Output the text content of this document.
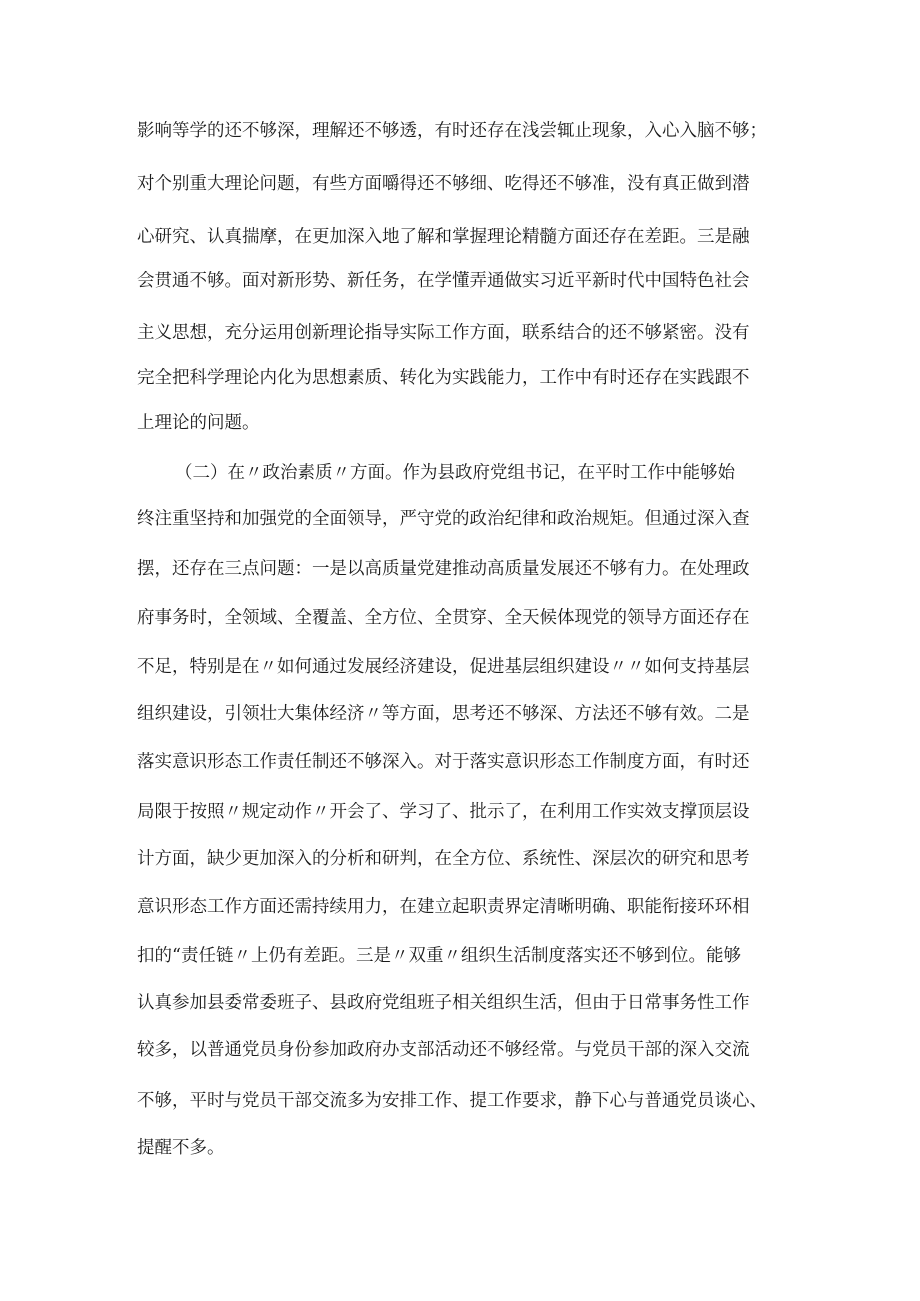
影响等学的还不够深，理解还不够透，有时还存在浅尝辄止现象，入心入脑不够；
对个别重大理论问题，有些方面嚼得还不够细、吃得还不够准，没有真正做到潜
心研究、认真揣摩，在更加深入地了解和掌握理论精髓方面还存在差距。三是融
会贯通不够。面对新形势、新任务，在学懂弄通做实习近平新时代中国特色社会
主义思想，充分运用创新理论指导实际工作方面，联系结合的还不够紧密。没有
完全把科学理论内化为思想素质、转化为实践能力，工作中有时还存在实践跟不
上理论的问题。
（二）在〃政治素质〃方面。作为县政府党组书记，在平时工作中能够始
终注重坚持和加强党的全面领导，严守党的政治纪律和政治规矩。但通过深入查
摆，还存在三点问题：一是以高质量党建推动高质量发展还不够有力。在处理政
府事务时，全领域、全覆盖、全方位、全贯穿、全天候体现党的领导方面还存在
不足，特别是在〃如何通过发展经济建设，促进基层组织建设〃〃如何支持基层
组织建设，引领壮大集体经济〃等方面，思考还不够深、方法还不够有效。二是
落实意识形态工作责任制还不够深入。对于落实意识形态工作制度方面，有时还
局限于按照〃规定动作〃开会了、学习了、批示了，在利用工作实效支撑顶层设
计方面，缺少更加深入的分析和研判，在全方位、系统性、深层次的研究和思考
意识形态工作方面还需持续用力，在建立起职责界定清晰明确、职能衔接环环相
扣的“责任链〃上仍有差距。三是〃双重〃组织生活制度落实还不够到位。能够
认真参加县委常委班子、县政府党组班子相关组织生活，但由于日常事务性工作
较多，以普通党员身份参加政府办支部活动还不够经常。与党员干部的深入交流
不够，平时与党员干部交流多为安排工作、提工作要求，静下心与普通党员谈心、
提醒不多。
